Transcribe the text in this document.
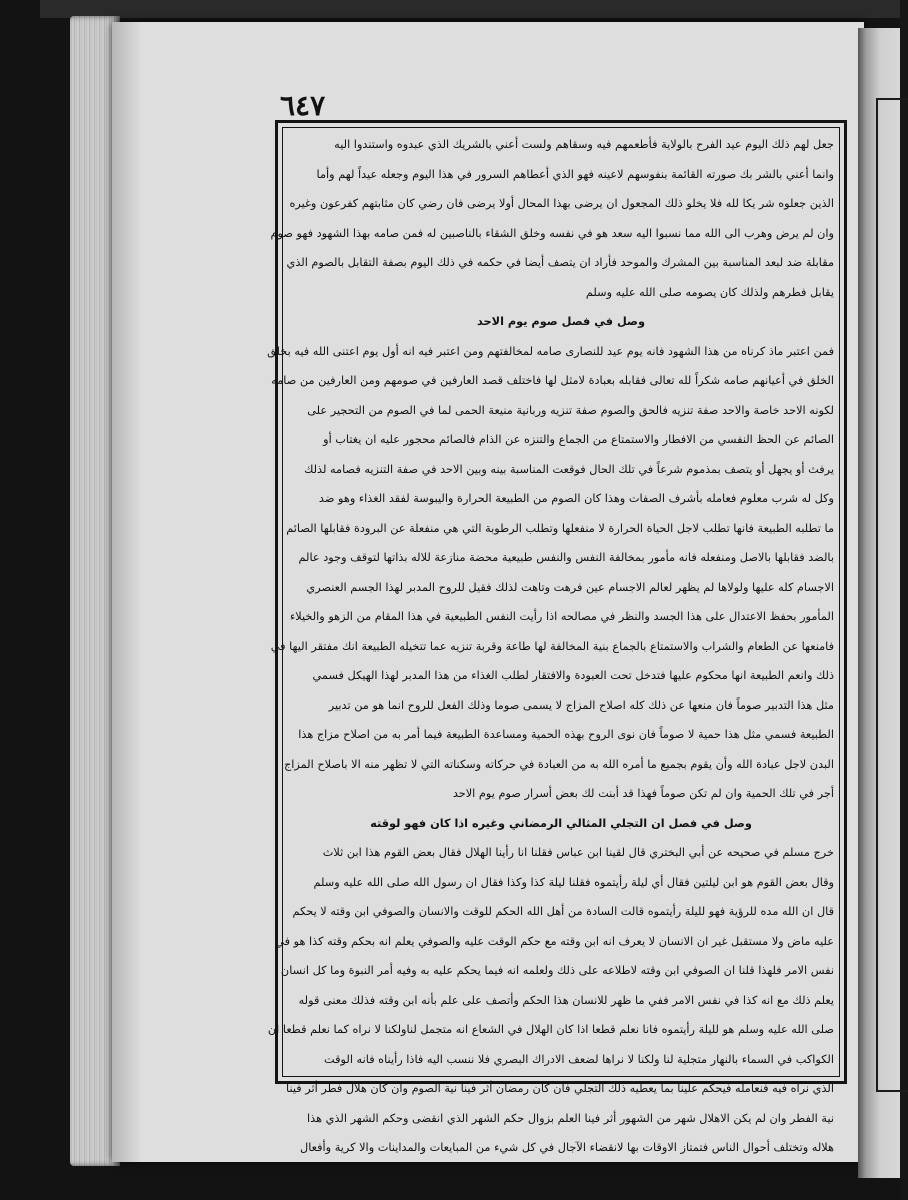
٦٤٧
جعل لهم ذلك اليوم عيد الفرح بالولاية فأطعمهم فيه وسقاهم ولست أعني بالشريك الذي عبدوه واستندوا اليه
وانما أعني بالشر بك صورته القائمة بنفوسهم لاعينه فهو الذي أعطاهم السرور في هذا اليوم وجعله عيداً لهم وأما
الذين جعلوه شر يكا لله فلا يخلو ذلك المجعول ان يرضى بهذا المحال أولا يرضى فان رضي كان مثابتهم كفرعون وغيره
وان لم يرض وهرب الى الله مما نسبوا اليه سعد هو في نفسه وخلق الشقاء بالناصبين له فمن صامه بهذا الشهود فهو صوم
مقابلة ضد لبعد المناسبة بين المشرك والموحد فأراد ان يتصف أيضا في حكمه في ذلك اليوم بصفة التقابل بالصوم الذي
يقابل فطرهم ولذلك كان يصومه صلى الله عليه وسلم
وصل في فصل صوم يوم الاحد
فمن اعتبر ماذ كرناه من هذا الشهود فانه يوم عيد للنصارى صامه لمخالفتهم ومن اعتبر فيه انه أول يوم اعتنى الله فيه بخلق
الخلق في أعيانهم صامه شكراً لله تعالى فقابله بعبادة لامثل لها فاختلف قصد العارفين في صومهم ومن العارفين من صامه
لكونه الاحد خاصة والاحد صفة تنزيه فالحق والصوم صفة تنزيه وربانية منيعة الحمى لما في الصوم من التحجير على
الصائم عن الحظ النفسي من الافطار والاستمتاع من الجماع والتنزه عن الذام فالصائم محجور عليه ان يغتاب أو
يرفث أو يجهل أو يتصف بمذموم شرعاً في تلك الحال فوقعت المناسبة بينه وبين الاحد في صفة التنزيه فصامه لذلك
وكل له شرب معلوم فعامله بأشرف الصفات وهذا كان الصوم من الطبيعة الحرارة واليبوسة لفقد الغذاء وهو ضد
ما تطلبه الطبيعة فانها تطلب لاجل الحياة الحرارة لا منفعلها وتطلب الرطوبة التي هي منفعلة عن البرودة فقابلها الصائم
بالضد فقابلها بالاصل ومنفعله فانه مأمور بمخالفة النفس والنفس طبيعية محضة منازعة للاله بذاتها لتوقف وجود عالم
الاجسام كله عليها ولولاها لم يظهر لعالم الاجسام عين فرهت وتاهت لذلك فقيل للروح المدبر لهذا الجسم العنصري
المأمور بحفظ الاعتدال على هذا الجسد والنظر في مصالحه اذا رأيت النفس الطبيعية في هذا المقام من الزهو والخيلاء
فامنعها عن الطعام والشراب والاستمتاع بالجماع بنية المخالفة لها طاعة وقربة تنزيه عما تتخيله الطبيعة انك مفتقر اليها في
ذلك وانعم الطبيعة انها محكوم عليها فتدخل تحت العبودة والافتقار لطلب الغذاء من هذا المدبر لهذا الهيكل فسمي
مثل هذا التدبير صوماً فان منعها عن ذلك كله اصلاح المزاج لا يسمى صوما وذلك الفعل للروح انما هو من تدبير
الطبيعة فسمي مثل هذا حمية لا صوماً فان نوى الروح بهذه الحمية ومساعدة الطبيعة فيما أمر به من اصلاح مزاج هذا
البدن لاجل عبادة الله وأن يقوم بجميع ما أمره الله به من العبادة في حركاته وسكناته التي لا تظهر منه الا باصلاح المزاج
أجر في تلك الحمية وان لم تكن صوماً فهذا قد أبنت لك بعض أسرار صوم يوم الاحد
وصل في فصل ان التجلي المثالي الرمضاني وغيره اذا كان فهو لوقته
خرج مسلم في صحيحه عن أبي البختري قال لقينا ابن عباس فقلنا انا رأينا الهلال فقال بعض القوم هذا ابن ثلاث
وقال بعض القوم هو ابن ليلتين فقال أي ليلة رأيتموه فقلنا ليلة كذا وكذا فقال ان رسول الله صلى الله عليه وسلم
قال ان الله مده للرؤية فهو لليلة رأيتموه قالت السادة من أهل الله الحكم للوقت والانسان والصوفي ابن وقته لا يحكم
عليه ماض ولا مستقبل غير ان الانسان لا يعرف انه ابن وقته مع حكم الوقت عليه والصوفي يعلم انه بحكم وقته كذا هو في
نفس الامر فلهذا قلنا ان الصوفي ابن وقته لاطلاعه على ذلك ولعلمه انه فيما يحكم عليه به وفيه أمر النبوة وما كل انسان
يعلم ذلك مع انه كذا في نفس الامر ففي ما ظهر للانسان هذا الحكم وأتصف على علم بأنه ابن وقته فذلك معنى قوله
صلى الله عليه وسلم هو لليلة رأيتموه فانا نعلم قطعا اذا كان الهلال في الشعاع انه متجمل لناولكنا لا نراه كما نعلم قطعا ان
الكواكب في السماء بالنهار متجلية لنا ولكنا لا نراها لضعف الادراك البصري فلا ننسب اليه فاذا رأيناه فانه الوقت
الذي نراه فيه فنعامله فيحكم علينا بما يعطيه ذلك التجلي فان كان رمضان أثر فينا نية الصوم وان كان هلال فطر أثر فينا
نية الفطر وان لم يكن الاهلال شهر من الشهور أثر فينا العلم بزوال حكم الشهر الذي انقضى وحكم الشهر الذي هذا
هلاله وتختلف أحوال الناس فتمتاز الاوقات بها لانقضاء الآجال في كل شيء من المبايعات والمداينات والا كرية وأفعال
